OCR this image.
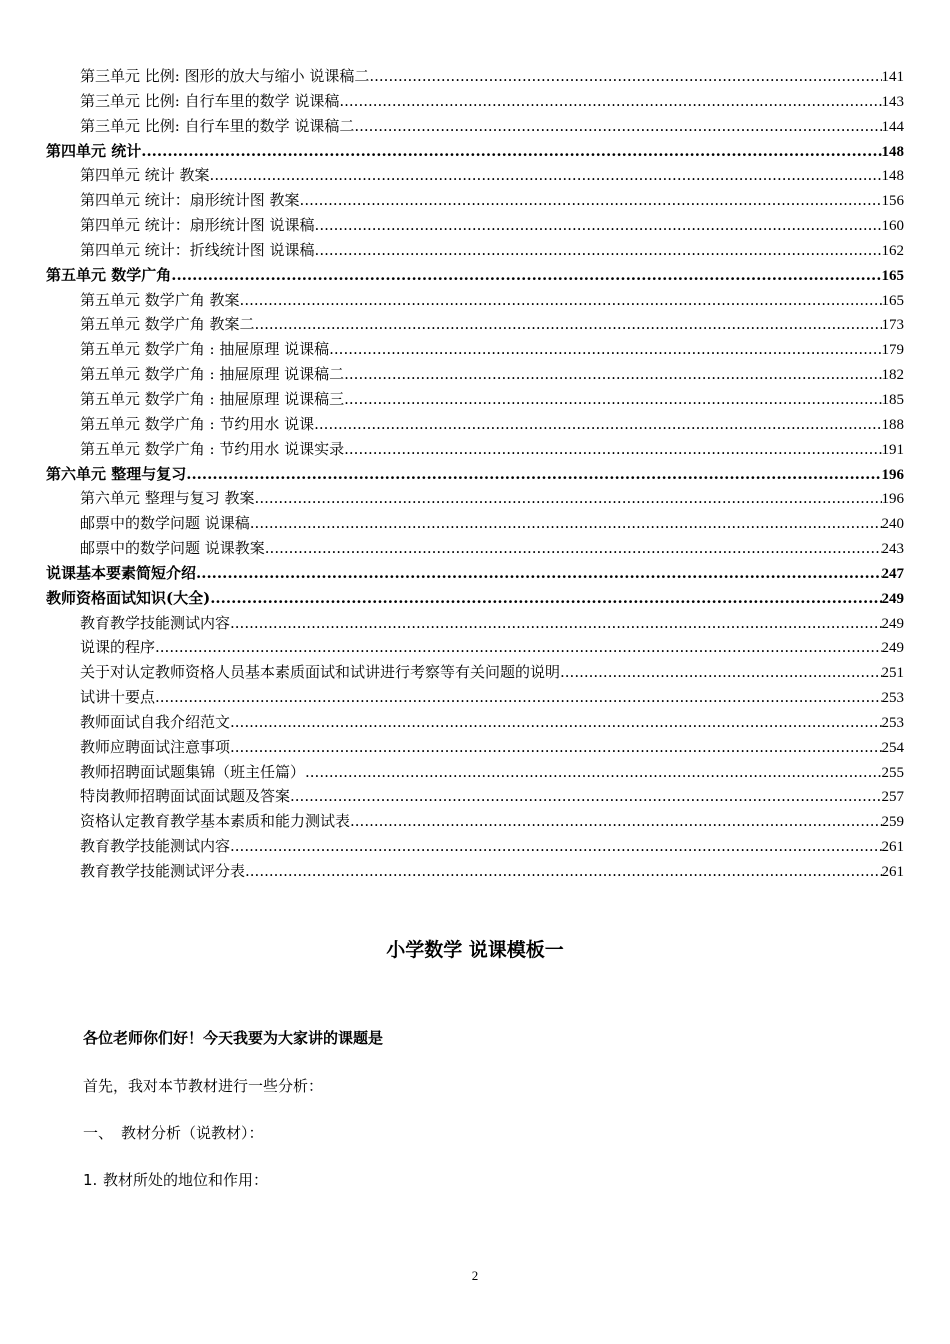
第三单元 比例: 图形的放大与缩小 说课稿二 .....	141
第三单元 比例: 自行车里的数学 说课稿 .....	143
第三单元 比例: 自行车里的数学 说课稿二 .....	144
第四单元 统计 .....	148
第四单元 统计 教案 .....	148
第四单元 统计：扇形统计图 教案 .....	156
第四单元 统计：扇形统计图 说课稿 .....	160
第四单元 统计：折线统计图 说课稿 .....	162
第五单元 数学广角 .....	165
第五单元 数学广角 教案 .....	165
第五单元 数学广角 教案二 .....	173
第五单元 数学广角 : 抽屉原理 说课稿 .....	179
第五单元 数学广角 : 抽屉原理 说课稿二 .....	182
第五单元 数学广角 : 抽屉原理 说课稿三 .....	185
第五单元 数学广角 : 节约用水 说课 .....	188
第五单元 数学广角 : 节约用水 说课实录 .....	191
第六单元 整理与复习 .....	196
第六单元 整理与复习 教案 .....	196
邮票中的数学问题 说课稿 .....	240
邮票中的数学问题 说课教案 .....	243
说课基本要素简短介绍 .....	247
教师资格面试知识(大全) .....	249
教育教学技能测试内容 .....	249
说课的程序 .....	249
关于对认定教师资格人员基本素质面试和试讲进行考察等有关问题的说明 .....	251
试讲十要点 .....	253
教师面试自我介绍范文 .....	253
教师应聘面试注意事项 .....	254
教师招聘面试题集锦（班主任篇） .....	255
特岗教师招聘面试面试题及答案 .....	257
资格认定教育教学基本素质和能力测试表 .....	259
教育教学技能测试内容 .....	261
教育教学技能测试评分表 .....	261
小学数学 说课模板一
各位老师你们好！今天我要为大家讲的课题是
首先，我对本节教材进行一些分析：
一、 教材分析（说教材）：
1. 教材所处的地位和作用：
2
